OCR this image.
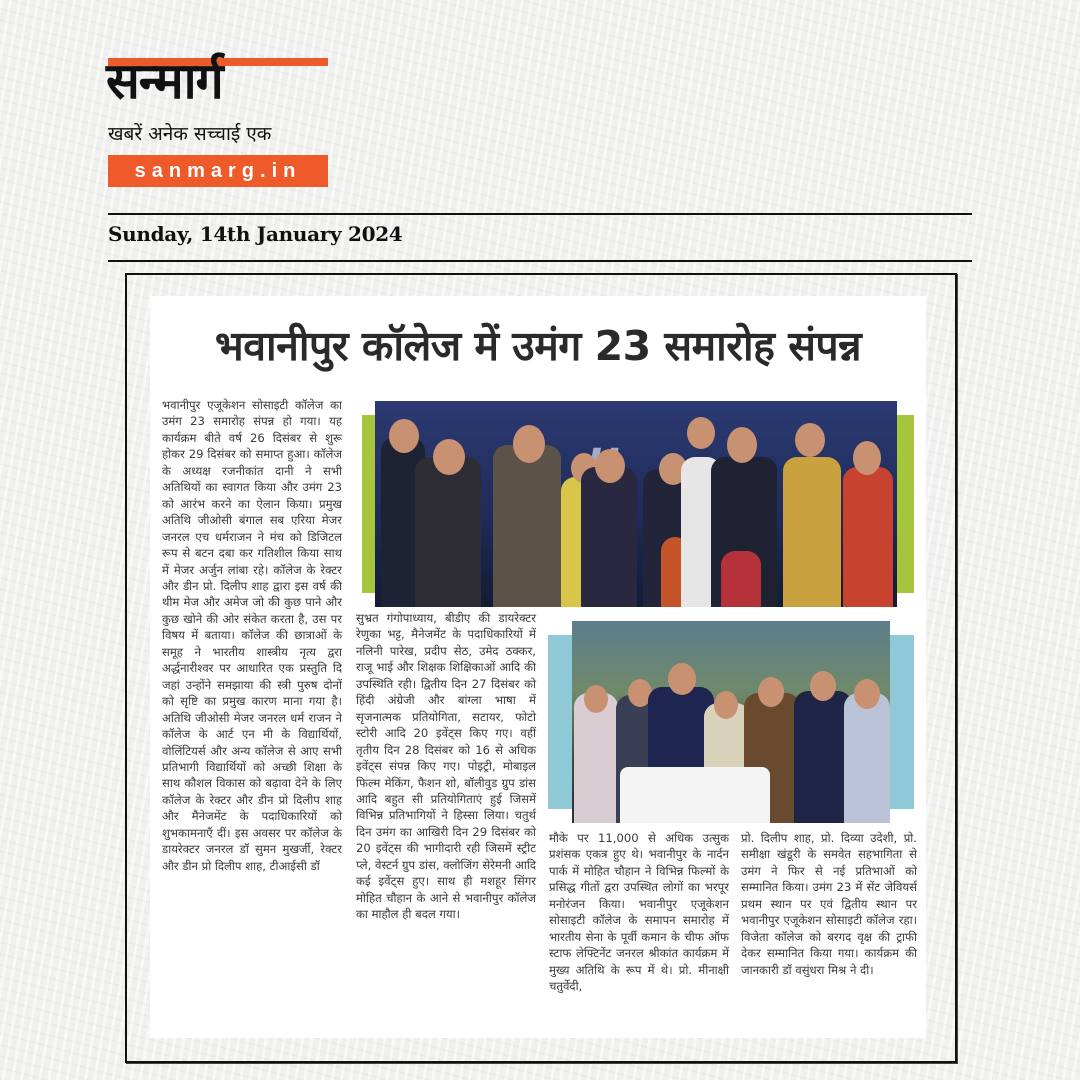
सन्मार्ग
खबरें अनेक सच्चाई एक
sanmarg.in
Sunday, 14th January 2024
भवानीपुर कॉलेज में उमंग 23 समारोह संपन्न
भवानीपुर एजूकेशन सोसाइटी कॉलेज का उमंग 23 समारोह संपन्न हो गया। यह कार्यक्रम बीते वर्ष 26 दिसंबर से शुरू होकर 29 दिसंबर को समाप्त हुआ। कॉलेज के अध्यक्ष रजनीकांत दानी ने सभी अतिथियों का स्वागत किया और उमंग 23 को आरंभ करने का ऐलान किया। प्रमुख अतिथि जीओसी बंगाल सब एरिया मेजर जनरल एच धर्मराजन ने मंच को डिजिटल रूप से बटन दबा कर गतिशील किया साथ में मेजर अर्जुन लांबा रहे। कॉलेज के रेक्टर और डीन प्रो. दिलीप शाह द्वारा इस वर्ष की थीम मेज और अमेज जो की कुछ पाने और कुछ खोने की ओर संकेत करता है, उस पर विषय में बताया। कॉलेज की छात्राओं के समूह ने भारतीय शास्त्रीय नृत्य द्वरा अर्द्धनारीश्वर पर आधारित एक प्रस्तुति दि जहां उन्होंने समझाया की स्त्री पुरुष दोनों को सृष्टि का प्रमुख कारण माना गया है। अतिथि जीओसी मेजर जनरल धर्म राजन ने कॉलेज के आर्ट एन मी के विद्यार्थियों, वोलिंटियर्स और अन्य कॉलेज से आए सभी प्रतिभागी विद्यार्थियों को अच्छी शिक्षा के साथ कौशल विकास को बढ़ावा देने के लिए कॉलेज के रेक्टर और डीन प्रो दिलीप शाह और मैनेजमेंट के पदाधिकारियों को शुभकामनाएँ दीं। इस अवसर पर कॉलेज के डायरेक्टर जनरल डॉ सुमन मुखर्जी, रेक्टर और डीन प्रो दिलीप शाह, टीआईसी डॉ
सुभ्रत गंगोपाध्याय, बीडीए की डायरेक्टर रेणुका भट्ट, मैनेजमेंट के पदाधिकारियों में नलिनी पारेख, प्रदीप सेठ, उमेद ठक्कर, राजू भाई और शिक्षक शिक्षिकाओं आदि की उपस्थिति रही। द्वितीय दिन 27 दिसंबर को हिंदी अंग्रेजी और बांग्ला भाषा में सृजनात्मक प्रतियोगिता, सटायर, फोटो स्टोरी आदि 20 इवेंट्स किए गए। वहीं तृतीय दिन 28 दिसंबर को 16 से अधिक इवेंट्स संपन्न किए गए। पोइट्री, मोबाइल फिल्म मेकिंग, फैशन शो, बॉलीवुड ग्रुप डांस आदि बहुत सी प्रतियोगिताएं हुई जिसमें विभिन्न प्रतिभागियों ने हिस्सा लिया। चतुर्थ दिन उमंग का आखिरी दिन 29 दिसंबर को 20 इवेंट्स की भागीदारी रही जिसमें स्ट्रीट प्ले, वेस्टर्न ग्रुप डांस, क्लोजिंग सेरेमनी आदि कई इवेंट्स हुए। साथ ही मशहूर सिंगर मोहित चौहान के आने से भवानीपुर कॉलेज का माहौल ही बदल गया।
मौके पर 11,000 से अधिक उत्सुक प्रशंसक एकत्र हुए थे। भवानीपुर के नार्दन पार्क में मोहित चौहान ने विभिन्न फिल्मों के प्रसिद्ध गीतों द्वरा उपस्थित लोगों का भरपूर मनोरंजन किया। भवानीपुर एजूकेशन सोसाइटी कॉलेज के समापन समारोह में भारतीय सेना के पूर्वी कमान के चीफ ऑफ स्टाफ लेफ्टिनेंट जनरल श्रीकांत कार्यक्रम में मुख्य अतिथि के रूप में थे। प्रो. मीनाक्षी चतुर्वेदी,
प्रो. दिलीप शाह, प्रो. दिव्या उदेशी, प्रो. समीक्षा खंडूरी के समवेत सहभागिता से उमंग ने फिर से नई प्रतिभाओं को सम्मानित किया। उमंग 23 में सेंट जेवियर्स प्रथम स्थान पर एवं द्वितीय स्थान पर भवानीपुर एजूकेशन सोसाइटी कॉलेज रहा। विजेता कॉलेज को बरगद वृक्ष की ट्राफी देकर सम्मानित किया गया। कार्यक्रम की जानकारी डॉ वसुंधरा मिश्र ने दी।
